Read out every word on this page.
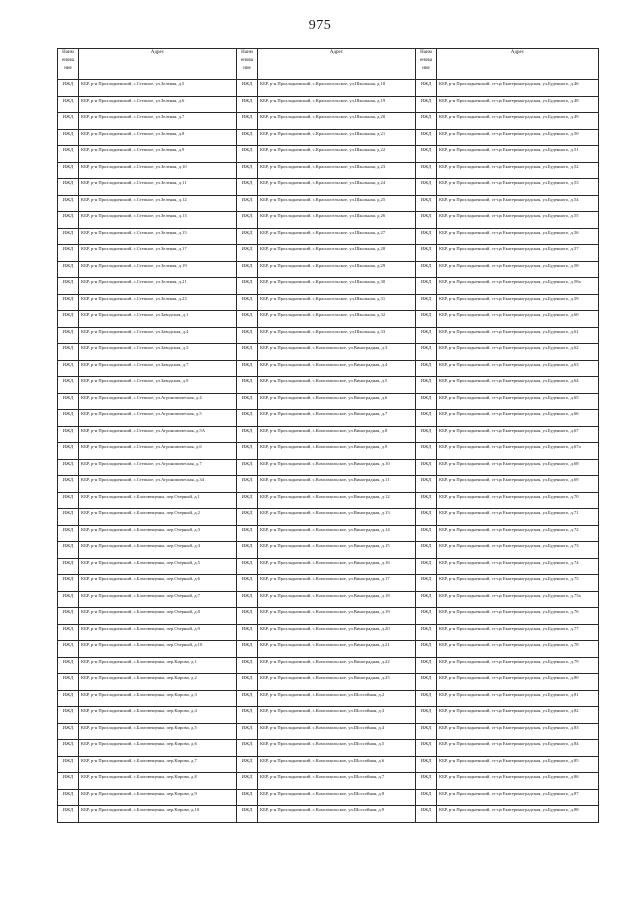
975
Наим енова ние	Адрес	Наим енова ние	Адрес	Наим енова ние	Адрес
ИЖД	КБР, р-н Прохладненский, с.Степное, ул.Зеленая, д.5	ИЖД	КБР, р-н Прохладненский, с.Красносельское, ул.Школьная, д.18	ИЖД	КБР, р-н Прохладненский, ст-ца Екатериноградская, ул.Буденного, д.46
ИЖД	КБР, р-н Прохладненский, с.Степное, ул.Зеленая, д.6	ИЖД	КБР, р-н Прохладненский, с.Красносельское, ул.Школьная, д.19	ИЖД	КБР, р-н Прохладненский, ст-ца Екатериноградская, ул.Буденного, д.48
ИЖД	КБР, р-н Прохладненский, с.Степное, ул.Зеленая, д.7	ИЖД	КБР, р-н Прохладненский, с.Красносельское, ул.Школьная, д.20	ИЖД	КБР, р-н Прохладненский, ст-ца Екатериноградская, ул.Буденного, д.49
ИЖД	КБР, р-н Прохладненский, с.Степное, ул.Зеленая, д.8	ИЖД	КБР, р-н Прохладненский, с.Красносельское, ул.Школьная, д.21	ИЖД	КБР, р-н Прохладненский, ст-ца Екатериноградская, ул.Буденного, д.50
ИЖД	КБР, р-н Прохладненский, с.Степное, ул.Зеленая, д.9	ИЖД	КБР, р-н Прохладненский, с.Красносельское, ул.Школьная, д.22	ИЖД	КБР, р-н Прохладненский, ст-ца Екатериноградская, ул.Буденного, д.51
ИЖД	КБР, р-н Прохладненский, с.Степное, ул.Зеленая, д.10	ИЖД	КБР, р-н Прохладненский, с.Красносельское, ул.Школьная, д.23	ИЖД	КБР, р-н Прохладненский, ст-ца Екатериноградская, ул.Буденного, д.52
ИЖД	КБР, р-н Прохладненский, с.Степное, ул.Зеленая, д.11	ИЖД	КБР, р-н Прохладненский, с.Красносельское, ул.Школьная, д.24	ИЖД	КБР, р-н Прохладненский, ст-ца Екатериноградская, ул.Буденного, д.53
ИЖД	КБР, р-н Прохладненский, с.Степное, ул.Зеленая, д.12	ИЖД	КБР, р-н Прохладненский, с.Красносельское, ул.Школьная, д.25	ИЖД	КБР, р-н Прохладненский, ст-ца Екатериноградская, ул.Буденного, д.54
ИЖД	КБР, р-н Прохладненский, с.Степное, ул.Зеленая, д.13	ИЖД	КБР, р-н Прохладненский, с.Красносельское, ул.Школьная, д.26	ИЖД	КБР, р-н Прохладненский, ст-ца Екатериноградская, ул.Буденного, д.55
ИЖД	КБР, р-н Прохладненский, с.Степное, ул.Зеленая, д.15	ИЖД	КБР, р-н Прохладненский, с.Красносельское, ул.Школьная, д.27	ИЖД	КБР, р-н Прохладненский, ст-ца Екатериноградская, ул.Буденного, д.56
ИЖД	КБР, р-н Прохладненский, с.Степное, ул.Зеленая, д.17	ИЖД	КБР, р-н Прохладненский, с.Красносельское, ул.Школьная, д.28	ИЖД	КБР, р-н Прохладненский, ст-ца Екатериноградская, ул.Буденного, д.57
ИЖД	КБР, р-н Прохладненский, с.Степное, ул.Зеленая, д.19	ИЖД	КБР, р-н Прохладненский, с.Красносельское, ул.Школьная, д.29	ИЖД	КБР, р-н Прохладненский, ст-ца Екатериноградская, ул.Буденного, д.58
ИЖД	КБР, р-н Прохладненский, с.Степное, ул.Зеленая, д.21	ИЖД	КБР, р-н Прохладненский, с.Красносельское, ул.Школьная, д.30	ИЖД	КБР, р-н Прохладненский, ст-ца Екатериноградская, ул.Буденного, д.58а
ИЖД	КБР, р-н Прохладненский, с.Степное, ул.Зеленая, д.23	ИЖД	КБР, р-н Прохладненский, с.Красносельское, ул.Школьная, д.31	ИЖД	КБР, р-н Прохладненский, ст-ца Екатериноградская, ул.Буденного, д.59
ИЖД	КБР, р-н Прохладненский, с.Степное, ул.Заводская, д.1	ИЖД	КБР, р-н Прохладненский, с.Красносельское, ул.Школьная, д.32	ИЖД	КБР, р-н Прохладненский, ст-ца Екатериноградская, ул.Буденного, д.60
ИЖД	КБР, р-н Прохладненский, с.Степное, ул.Заводская, д.4	ИЖД	КБР, р-н Прохладненский, с.Красносельское, ул.Школьная, д.33	ИЖД	КБР, р-н Прохладненский, ст-ца Екатериноградская, ул.Буденного, д.61
ИЖД	КБР, р-н Прохладненский, с.Степное, ул.Заводская, д.5	ИЖД	КБР, р-н Прохладненский, с.Комсомольское, ул.Виноградная, д.3	ИЖД	КБР, р-н Прохладненский, ст-ца Екатериноградская, ул.Буденного, д.62
ИЖД	КБР, р-н Прохладненский, с.Степное, ул.Заводская, д.7	ИЖД	КБР, р-н Прохладненский, с.Комсомольское, ул.Виноградная, д.4	ИЖД	КБР, р-н Прохладненский, ст-ца Екатериноградская, ул.Буденного, д.63
ИЖД	КБР, р-н Прохладненский, с.Степное, ул.Заводская, д.9	ИЖД	КБР, р-н Прохладненский, с.Комсомольское, ул.Виноградная, д.5	ИЖД	КБР, р-н Прохладненский, ст-ца Екатериноградская, ул.Буденного, д.64
ИЖД	КБР, р-н Прохладненский, с.Степное, ул.Агрономическая, д.4	ИЖД	КБР, р-н Прохладненский, с.Комсомольское, ул.Виноградная, д.6	ИЖД	КБР, р-н Прохладненский, ст-ца Екатериноградская, ул.Буденного, д.65
ИЖД	КБР, р-н Прохладненский, с.Степное, ул.Агрономическая, д.5	ИЖД	КБР, р-н Прохладненский, с.Комсомольское, ул.Виноградная, д.7	ИЖД	КБР, р-н Прохладненский, ст-ца Екатериноградская, ул.Буденного, д.66
ИЖД	КБР, р-н Прохладненский, с.Степное, ул.Агрономическая, д.5А	ИЖД	КБР, р-н Прохладненский, с.Комсомольское, ул.Виноградная, д.8	ИЖД	КБР, р-н Прохладненский, ст-ца Екатериноградская, ул.Буденного, д.67
ИЖД	КБР, р-н Прохладненский, с.Степное, ул.Агрономическая, д.6	ИЖД	КБР, р-н Прохладненский, с.Комсомольское, ул.Виноградная, д.9	ИЖД	КБР, р-н Прохладненский, ст-ца Екатериноградская, ул.Буденного, д.67а
ИЖД	КБР, р-н Прохладненский, с.Степное, ул.Агрономическая, д.7	ИЖД	КБР, р-н Прохладненский, с.Комсомольское, ул.Виноградная, д.10	ИЖД	КБР, р-н Прохладненский, ст-ца Екатериноградская, ул.Буденного, д.68
ИЖД	КБР, р-н Прохладненский, с.Степное, ул.Агрономическая, д.34	ИЖД	КБР, р-н Прохладненский, с.Комсомольское, ул.Виноградная, д.11	ИЖД	КБР, р-н Прохладненский, ст-ца Екатериноградская, ул.Буденного, д.69
ИЖД	КБР, р-н Прохладненский, с.Благовещенка, пер.Озерный, д.1	ИЖД	КБР, р-н Прохладненский, с.Комсомольское, ул.Виноградная, д.12	ИЖД	КБР, р-н Прохладненский, ст-ца Екатериноградская, ул.Буденного, д.70
ИЖД	КБР, р-н Прохладненский, с.Благовещенка, пер.Озерный, д.2	ИЖД	КБР, р-н Прохладненский, с.Комсомольское, ул.Виноградная, д.13	ИЖД	КБР, р-н Прохладненский, ст-ца Екатериноградская, ул.Буденного, д.71
ИЖД	КБР, р-н Прохладненский, с.Благовещенка, пер.Озерный, д.3	ИЖД	КБР, р-н Прохладненский, с.Комсомольское, ул.Виноградная, д.14	ИЖД	КБР, р-н Прохладненский, ст-ца Екатериноградская, ул.Буденного, д.72
ИЖД	КБР, р-н Прохладненский, с.Благовещенка, пер.Озерный, д.4	ИЖД	КБР, р-н Прохладненский, с.Комсомольское, ул.Виноградная, д.15	ИЖД	КБР, р-н Прохладненский, ст-ца Екатериноградская, ул.Буденного, д.73
ИЖД	КБР, р-н Прохладненский, с.Благовещенка, пер.Озерный, д.5	ИЖД	КБР, р-н Прохладненский, с.Комсомольское, ул.Виноградная, д.16	ИЖД	КБР, р-н Прохладненский, ст-ца Екатериноградская, ул.Буденного, д.74
ИЖД	КБР, р-н Прохладненский, с.Благовещенка, пер.Озерный, д.6	ИЖД	КБР, р-н Прохладненский, с.Комсомольское, ул.Виноградная, д.17	ИЖД	КБР, р-н Прохладненский, ст-ца Екатериноградская, ул.Буденного, д.75
ИЖД	КБР, р-н Прохладненский, с.Благовещенка, пер.Озерный, д.7	ИЖД	КБР, р-н Прохладненский, с.Комсомольское, ул.Виноградная, д.18	ИЖД	КБР, р-н Прохладненский, ст-ца Екатериноградская, ул.Буденного, д.75а
ИЖД	КБР, р-н Прохладненский, с.Благовещенка, пер.Озерный, д.8	ИЖД	КБР, р-н Прохладненский, с.Комсомольское, ул.Виноградная, д.19	ИЖД	КБР, р-н Прохладненский, ст-ца Екатериноградская, ул.Буденного, д.76
ИЖД	КБР, р-н Прохладненский, с.Благовещенка, пер.Озерный, д.9	ИЖД	КБР, р-н Прохладненский, с.Комсомольское, ул.Виноградная, д.20	ИЖД	КБР, р-н Прохладненский, ст-ца Екатериноградская, ул.Буденного, д.77
ИЖД	КБР, р-н Прохладненский, с.Благовещенка, пер.Озерный, д.10	ИЖД	КБР, р-н Прохладненский, с.Комсомольское, ул.Виноградная, д.21	ИЖД	КБР, р-н Прохладненский, ст-ца Екатериноградская, ул.Буденного, д.78
ИЖД	КБР, р-н Прохладненский, с.Благовещенка, пер.Кирова, д.1	ИЖД	КБР, р-н Прохладненский, с.Комсомольское, ул.Виноградная, д.22	ИЖД	КБР, р-н Прохладненский, ст-ца Екатериноградская, ул.Буденного, д.79
ИЖД	КБР, р-н Прохладненский, с.Благовещенка, пер.Кирова, д.2	ИЖД	КБР, р-н Прохладненский, с.Комсомольское, ул.Виноградная, д.25	ИЖД	КБР, р-н Прохладненский, ст-ца Екатериноградская, ул.Буденного, д.80
ИЖД	КБР, р-н Прохладненский, с.Благовещенка, пер.Кирова, д.3	ИЖД	КБР, р-н Прохладненский, с.Комсомольское, ул.Шоссейная, д.2	ИЖД	КБР, р-н Прохладненский, ст-ца Екатериноградская, ул.Буденного, д.81
ИЖД	КБР, р-н Прохладненский, с.Благовещенка, пер.Кирова, д.4	ИЖД	КБР, р-н Прохладненский, с.Комсомольское, ул.Шоссейная, д.3	ИЖД	КБР, р-н Прохладненский, ст-ца Екатериноградская, ул.Буденного, д.82
ИЖД	КБР, р-н Прохладненский, с.Благовещенка, пер.Кирова, д.5	ИЖД	КБР, р-н Прохладненский, с.Комсомольское, ул.Шоссейная, д.4	ИЖД	КБР, р-н Прохладненский, ст-ца Екатериноградская, ул.Буденного, д.83
ИЖД	КБР, р-н Прохладненский, с.Благовещенка, пер.Кирова, д.6	ИЖД	КБР, р-н Прохладненский, с.Комсомольское, ул.Шоссейная, д.5	ИЖД	КБР, р-н Прохладненский, ст-ца Екатериноградская, ул.Буденного, д.84
ИЖД	КБР, р-н Прохладненский, с.Благовещенка, пер.Кирова, д.7	ИЖД	КБР, р-н Прохладненский, с.Комсомольское, ул.Шоссейная, д.6	ИЖД	КБР, р-н Прохладненский, ст-ца Екатериноградская, ул.Буденного, д.85
ИЖД	КБР, р-н Прохладненский, с.Благовещенка, пер.Кирова, д.8	ИЖД	КБР, р-н Прохладненский, с.Комсомольское, ул.Шоссейная, д.7	ИЖД	КБР, р-н Прохладненский, ст-ца Екатериноградская, ул.Буденного, д.86
ИЖД	КБР, р-н Прохладненский, с.Благовещенка, пер.Кирова, д.9	ИЖД	КБР, р-н Прохладненский, с.Комсомольское, ул.Шоссейная, д.8	ИЖД	КБР, р-н Прохладненский, ст-ца Екатериноградская, ул.Буденного, д.87
ИЖД	КБР, р-н Прохладненский, с.Благовещенка, пер.Кирова, д.10	ИЖД	КБР, р-н Прохладненский, с.Комсомольское, ул.Шоссейная, д.9	ИЖД	КБР, р-н Прохладненский, ст-ца Екатериноградская, ул.Буденного, д.88
